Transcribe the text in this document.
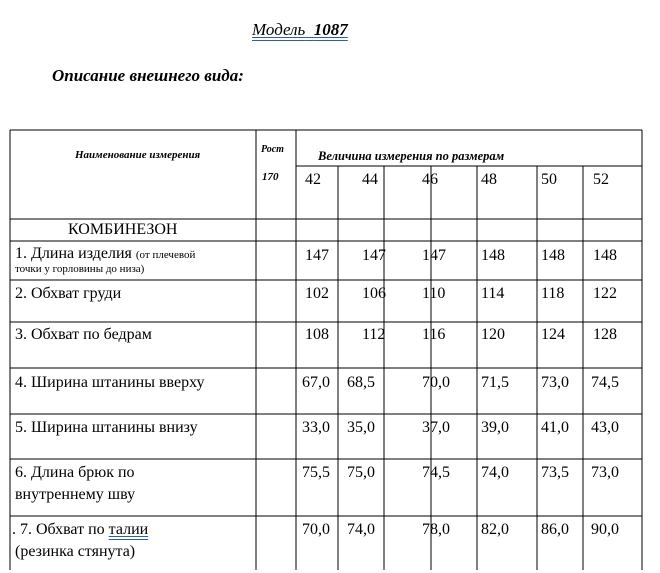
Модель 1087
Описание внешнего вида:
Наименование измерения	Рост
170
Величина измерения по размерам
42	44	46	48	50 52
КОМБИНЕЗОН
1. Длина изделия (от плечевой
точки у горловины до низа)
147 147 147 148 148 148
2. Обхват груди	102 106 110 114 118 122
3. Обхват по бедрам	108 112 116 120 124 128
4. Ширина штанины вверху	67,0 68,5	70,0 71,5 73,0 74,5
5. Ширина штанины внизу	33,0 35,0	37,0 39,0 41,0 43,0
6. Длина брюк по
внутреннему шву
75,5 75,0	74,5 74,0 73,5 73,0
. 7. Обхват по талии
(резинка стянута)
70,0 74,0	78,0 82,0 86,0 90,0
